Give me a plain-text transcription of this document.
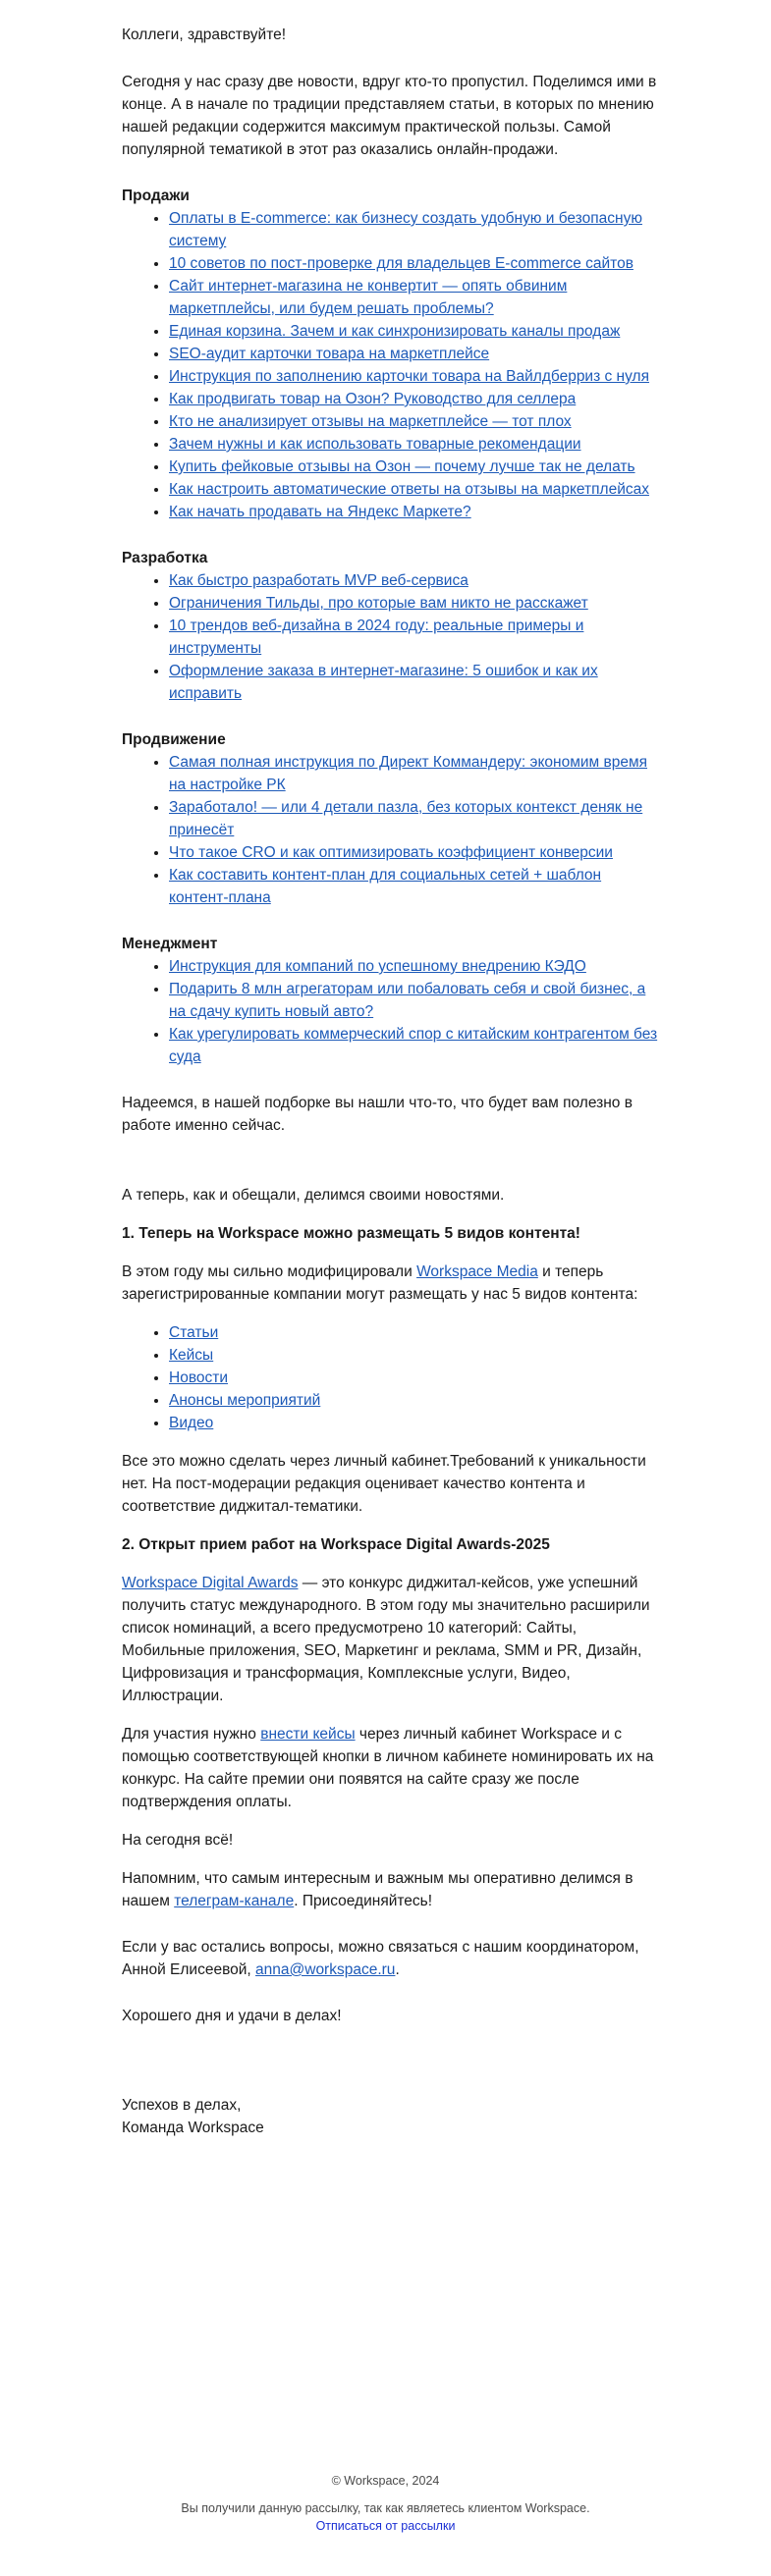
Коллеги, здравствуйте!

Сегодня у нас сразу две новости, вдруг кто-то пропустил. Поделимся ими в конце. А в начале по традиции представляем статьи, в которых по мнению нашей редакции содержится максимум практической пользы. Самой популярной тематикой в этот раз оказались онлайн-продажи.

Продажи

• Оплаты в E-commerce: как бизнесу создать удобную и безопасную систему
• 10 советов по пост-проверке для владельцев E-commerce сайтов
• Сайт интернет-магазина не конвертит — опять обвиним маркетплейсы, или будем решать проблемы?
• Единая корзина. Зачем и как синхронизировать каналы продаж
• SEO-аудит карточки товара на маркетплейсе
• Инструкция по заполнению карточки товара на Вайлдберриз с нуля
• Как продвигать товар на Озон? Руководство для селлера
• Кто не анализирует отзывы на маркетплейсе — тот плох
• Зачем нужны и как использовать товарные рекомендации
• Купить фейковые отзывы на Озон — почему лучше так не делать
• Как настроить автоматические ответы на отзывы на маркетплейсах
• Как начать продавать на Яндекс Маркете?

Разработка

• Как быстро разработать MVP веб-сервиса
• Ограничения Тильды, про которые вам никто не расскажет
• 10 трендов веб-дизайна в 2024 году: реальные примеры и инструменты
• Оформление заказа в интернет-магазине: 5 ошибок и как их исправить

Продвижение

• Самая полная инструкция по Директ Коммандеру: экономим время на настройке РК
• Заработало! — или 4 детали пазла, без которых контекст деняк не принесёт
• Что такое CRO и как оптимизировать коэффициент конверсии
• Как составить контент-план для социальных сетей + шаблон контент-плана

Менеджмент

• Инструкция для компаний по успешному внедрению КЭДО
• Подарить 8 млн агрегаторам или побаловать себя и свой бизнес, а на сдачу купить новый авто?
• Как урегулировать коммерческий спор с китайским контрагентом без суда

Надеемся, в нашей подборке вы нашли что-то, что будет вам полезно в работе именно сейчас.

А теперь, как и обещали, делимся своими новостями.

1. Теперь на Workspace можно размещать 5 видов контента!

В этом году мы сильно модифицировали Workspace Media и теперь зарегистрированные компании могут размещать у нас 5 видов контента:

• Статьи
• Кейсы
• Новости
• Анонсы мероприятий
• Видео

Все это можно сделать через личный кабинет.Требований к уникальности нет. На пост-модерации редакция оценивает качество контента и соответствие диджитал-тематики.

2. Открыт прием работ на Workspace Digital Awards-2025

Workspace Digital Awards — это конкурс диджитал-кейсов, уже успешний получить статус международного. В этом году мы значительно расширили список номинаций, а всего предусмотрено 10 категорий: Сайты, Мобильные приложения, SEO, Маркетинг и реклама, SMM и PR, Дизайн, Цифровизация и трансформация, Комплексные услуги, Видео, Иллюстрации.

Для участия нужно внести кейсы через личный кабинет Workspace и с помощью соответствующей кнопки в личном кабинете номинировать их на конкурс. На сайте премии они появятся на сайте сразу же после подтверждения оплаты.

На сегодня всё!

Напомним, что самым интересным и важным мы оперативно делимся в нашем телеграм-канале. Присоединяйтесь!

Если у вас остались вопросы, можно связаться с нашим координатором, Анной Елисеевой, anna@workspace.ru.

Хорошего дня и удачи в делах!

Успехов в делах,

Команда Workspace

© Workspace, 2024
Вы получили данную рассылку, так как являетесь клиентом Workspace.
Отписаться от рассылки
